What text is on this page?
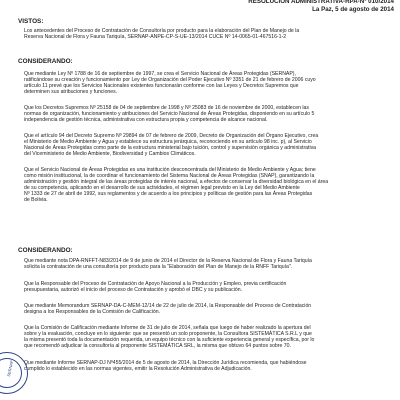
RESOLUCION ADMINISTRATIVA-RPA-Nº 010/2014
La Paz, 5 de agosto de 2014
VISTOS:
Los antecedentes del Proceso de Contratación de Consultoría por producto para la elaboración del Plan de Manejo de la
Reserva Nacional de Flora y Fauna Tariquía, SERNAP-ANPE-CP-S-UE-13/2014 CUCE Nº 14-0065-01-467516-1-2
CONSIDERANDO:
Que mediante Ley Nº 1788 de 16 de septiembre de 1997, se crea el Servicio Nacional de Áreas Protegidas (SERNAP),
ratificándose su creación y funcionamiento por Ley de Organización del Poder Ejecutivo Nº 3351 de 21 de febrero de 2006 cuyo
artículo 11 prevé que los Servicios Nacionales existentes funcionarán conforme con las Leyes y Decretos Supremos que
determinen sus atribuciones y funciones.
Que los Decretos Supremos Nº 25158 de 04 de septiembre de 1998 y Nº 25083 de 16 de noviembre de 2000, establecen las
normas de organización, funcionamiento y atribuciones del Servicio Nacional de Áreas Protegidas, disponiendo en su artículo 5
independencia de gestión técnica, administrativa con estructura propia y competencia de alcance nacional.
Que el artículo 94 del Decreto Supremo Nº 29894 de 07 de febrero de 2009, Decreto de Organización del Órgano Ejecutivo, crea
el Ministerio de Medio Ambiente y Agua y establece su estructura jerárquica, reconociendo en su artículo 98 inc. p), al Servicio
Nacional de Áreas Protegidas como parte de la estructura ministerial bajo tuición, control y supervisión orgánica y administrativa
del Viceministerio de Medio Ambiente, Biodiversidad y Cambios Climáticos.
Que el Servicio Nacional de Áreas Protegidas es una institución desconcentrada del Ministerio de Medio Ambiente y Agua; tiene
como misión institucional, la de coordinar el funcionamiento del Sistema Nacional de Áreas Protegidas (SNAP), garantizando la
administración y gestión integral de las áreas protegidas de interés nacional, a efectos de conservar la diversidad biológica en el área
de su competencia, aplicando en el desarrollo de sus actividades, el régimen legal previsto en la Ley del Medio Ambiente
Nº 1333 de 27 de abril de 1992, sus reglamentos y de acuerdo a los principios y políticas de gestión para las Áreas Protegidas
de Bolivia.
CONSIDERANDO:
Que mediante nota DPA-RNFFT-N83/2014 de 9 de junio de 2014 el Director de la Reserva Nacional de Flora y Fauna Tariquía
solicita la contratación de una consultoría por producto para la "Elaboración del Plan de Manejo de la RNFF Tariquía".
Que la Responsable del Proceso de Contratación de Apoyo Nacional a la Producción y Empleo, previa certificación
presupuestaria, autorizó el inicio del proceso de Contratación y aprobó el DBC y su publicación.
Que mediante Memorandum SERNAP-DA-C-MEM-12/14 de 22 de julio de 2014, la Responsable del Proceso de Contratación
designa a los Responsables de la Comisión de Calificación.
Que la Comisión de Calificación mediante Informe de 31 de julio de 2014, señala que luego de haber realizado la apertura del
sobre y la evaluación, concluye en lo siguiente: que se presentó un solo proponente, la Consultora SISTEMÁTICA S.R.L y que
la misma presentó toda la documentación requerida, un equipo técnico con la suficiente experiencia general y específica, por lo
que recomendó adjudicar la consultoría al proponente SISTEMÁTICA SRL, la misma que obtuvo 64 puntos sobre 70.
Que mediante Informe SERNAP-DJ Nº455/2014 de 5 de agosto de 2014, la Dirección Jurídica recomienda, que habiéndose
cumplido lo establecido en las normas vigentes, emitir la Resolución Administrativa de Adjudicación.
SERNAP
